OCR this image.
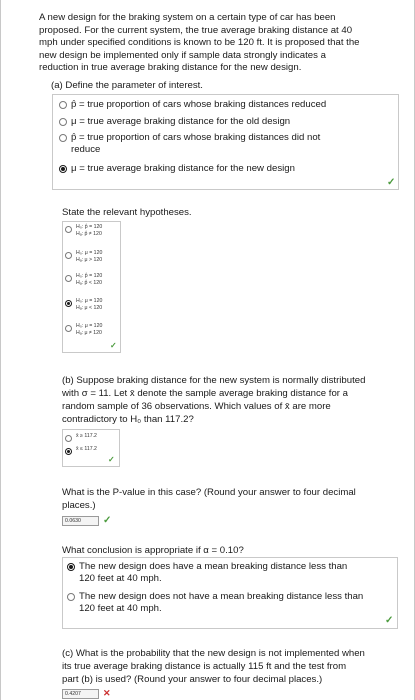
A new design for the braking system on a certain type of car has been
proposed. For the current system, the true average braking distance at 40
mph under specified conditions is known to be 120 ft. It is proposed that the
new design be implemented only if sample data strongly indicates a
reduction in true average braking distance for the new design.
(a) Define the parameter of interest.
p̂ = true proportion of cars whose braking distances reduced
μ = true average braking distance for the old design
p̂ = true proportion of cars whose braking distances did not
reduce
μ = true average braking distance for the new design
✓
State the relevant hypotheses.
H₀: p̂ = 120
Hₐ: p̂ ≠ 120
H₀: μ = 120
Hₐ: μ > 120
H₀: p̂ = 120
Hₐ: p̂ < 120
H₀: μ = 120
Hₐ: μ < 120
H₀: μ = 120
Hₐ: μ ≠ 120
✓
(b) Suppose braking distance for the new system is normally distributed
with σ = 11. Let x̄ denote the sample average braking distance for a
random sample of 36 observations. Which values of x̄ are more
contradictory to H₀ than 117.2?
x̄ ≥ 117.2
x̄ ≤ 117.2
✓
What is the P-value in this case? (Round your answer to four decimal
places.)
0.0630	✓
What conclusion is appropriate if α = 0.10?
The new design does have a mean breaking distance less than
120 feet at 40 mph.
The new design does not have a mean breaking distance less than
120 feet at 40 mph.
✓
(c) What is the probability that the new design is not implemented when
its true average braking distance is actually 115 ft and the test from
part (b) is used? (Round your answer to four decimal places.)
0.4207	✕
